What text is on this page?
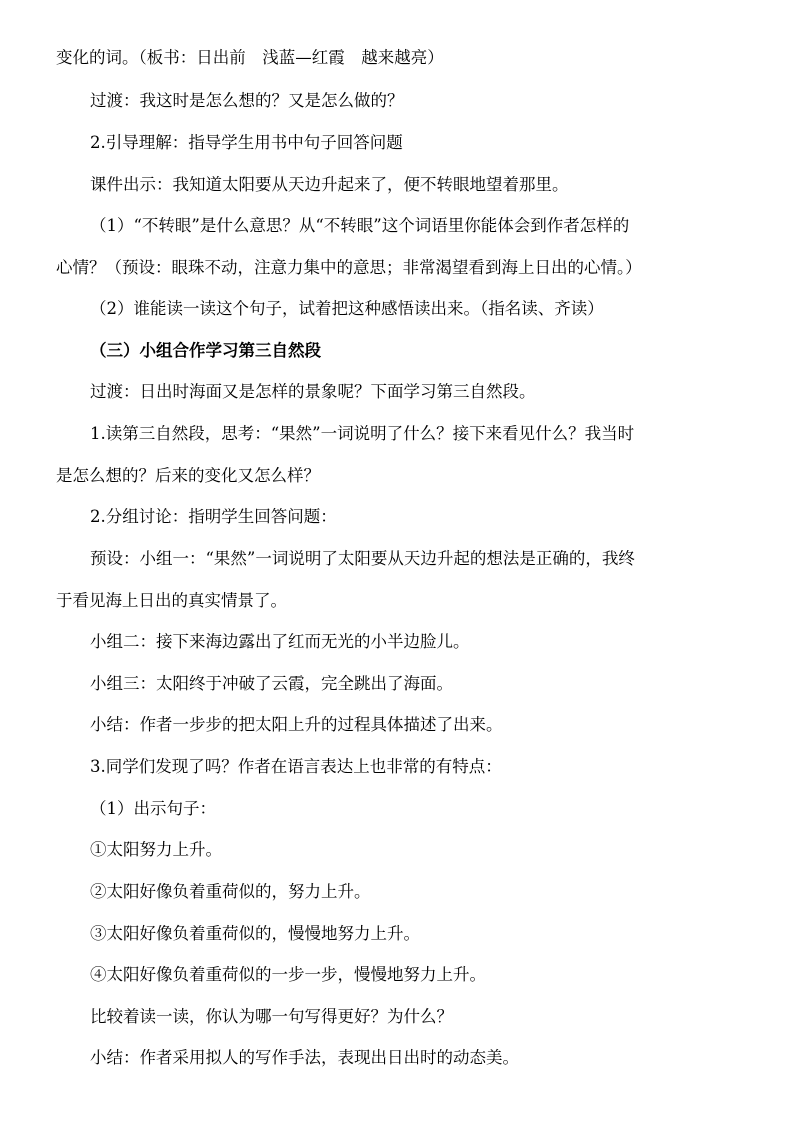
变化的词。（板书：日出前　浅蓝—红霞　越来越亮）
过渡：我这时是怎么想的？又是怎么做的？
2.引导理解：指导学生用书中句子回答问题
课件出示：我知道太阳要从天边升起来了，便不转眼地望着那里。
（1）“不转眼”是什么意思？从“不转眼”这个词语里你能体会到作者怎样的
心情？（预设：眼珠不动，注意力集中的意思；非常渴望看到海上日出的心情。）
（2）谁能读一读这个句子，试着把这种感悟读出来。（指名读、齐读）
（三）小组合作学习第三自然段
过渡：日出时海面又是怎样的景象呢？下面学习第三自然段。
1.读第三自然段，思考：“果然”一词说明了什么？接下来看见什么？我当时
是怎么想的？后来的变化又怎么样？
2.分组讨论：指明学生回答问题：
预设：小组一：“果然”一词说明了太阳要从天边升起的想法是正确的，我终
于看见海上日出的真实情景了。
小组二：接下来海边露出了红而无光的小半边脸儿。
小组三：太阳终于冲破了云霞，完全跳出了海面。
小结：作者一步步的把太阳上升的过程具体描述了出来。
3.同学们发现了吗？作者在语言表达上也非常的有特点：
（1）出示句子：
①太阳努力上升。
②太阳好像负着重荷似的，努力上升。
③太阳好像负着重荷似的，慢慢地努力上升。
④太阳好像负着重荷似的一步一步，慢慢地努力上升。
比较着读一读，你认为哪一句写得更好？为什么？
小结：作者采用拟人的写作手法，表现出日出时的动态美。
